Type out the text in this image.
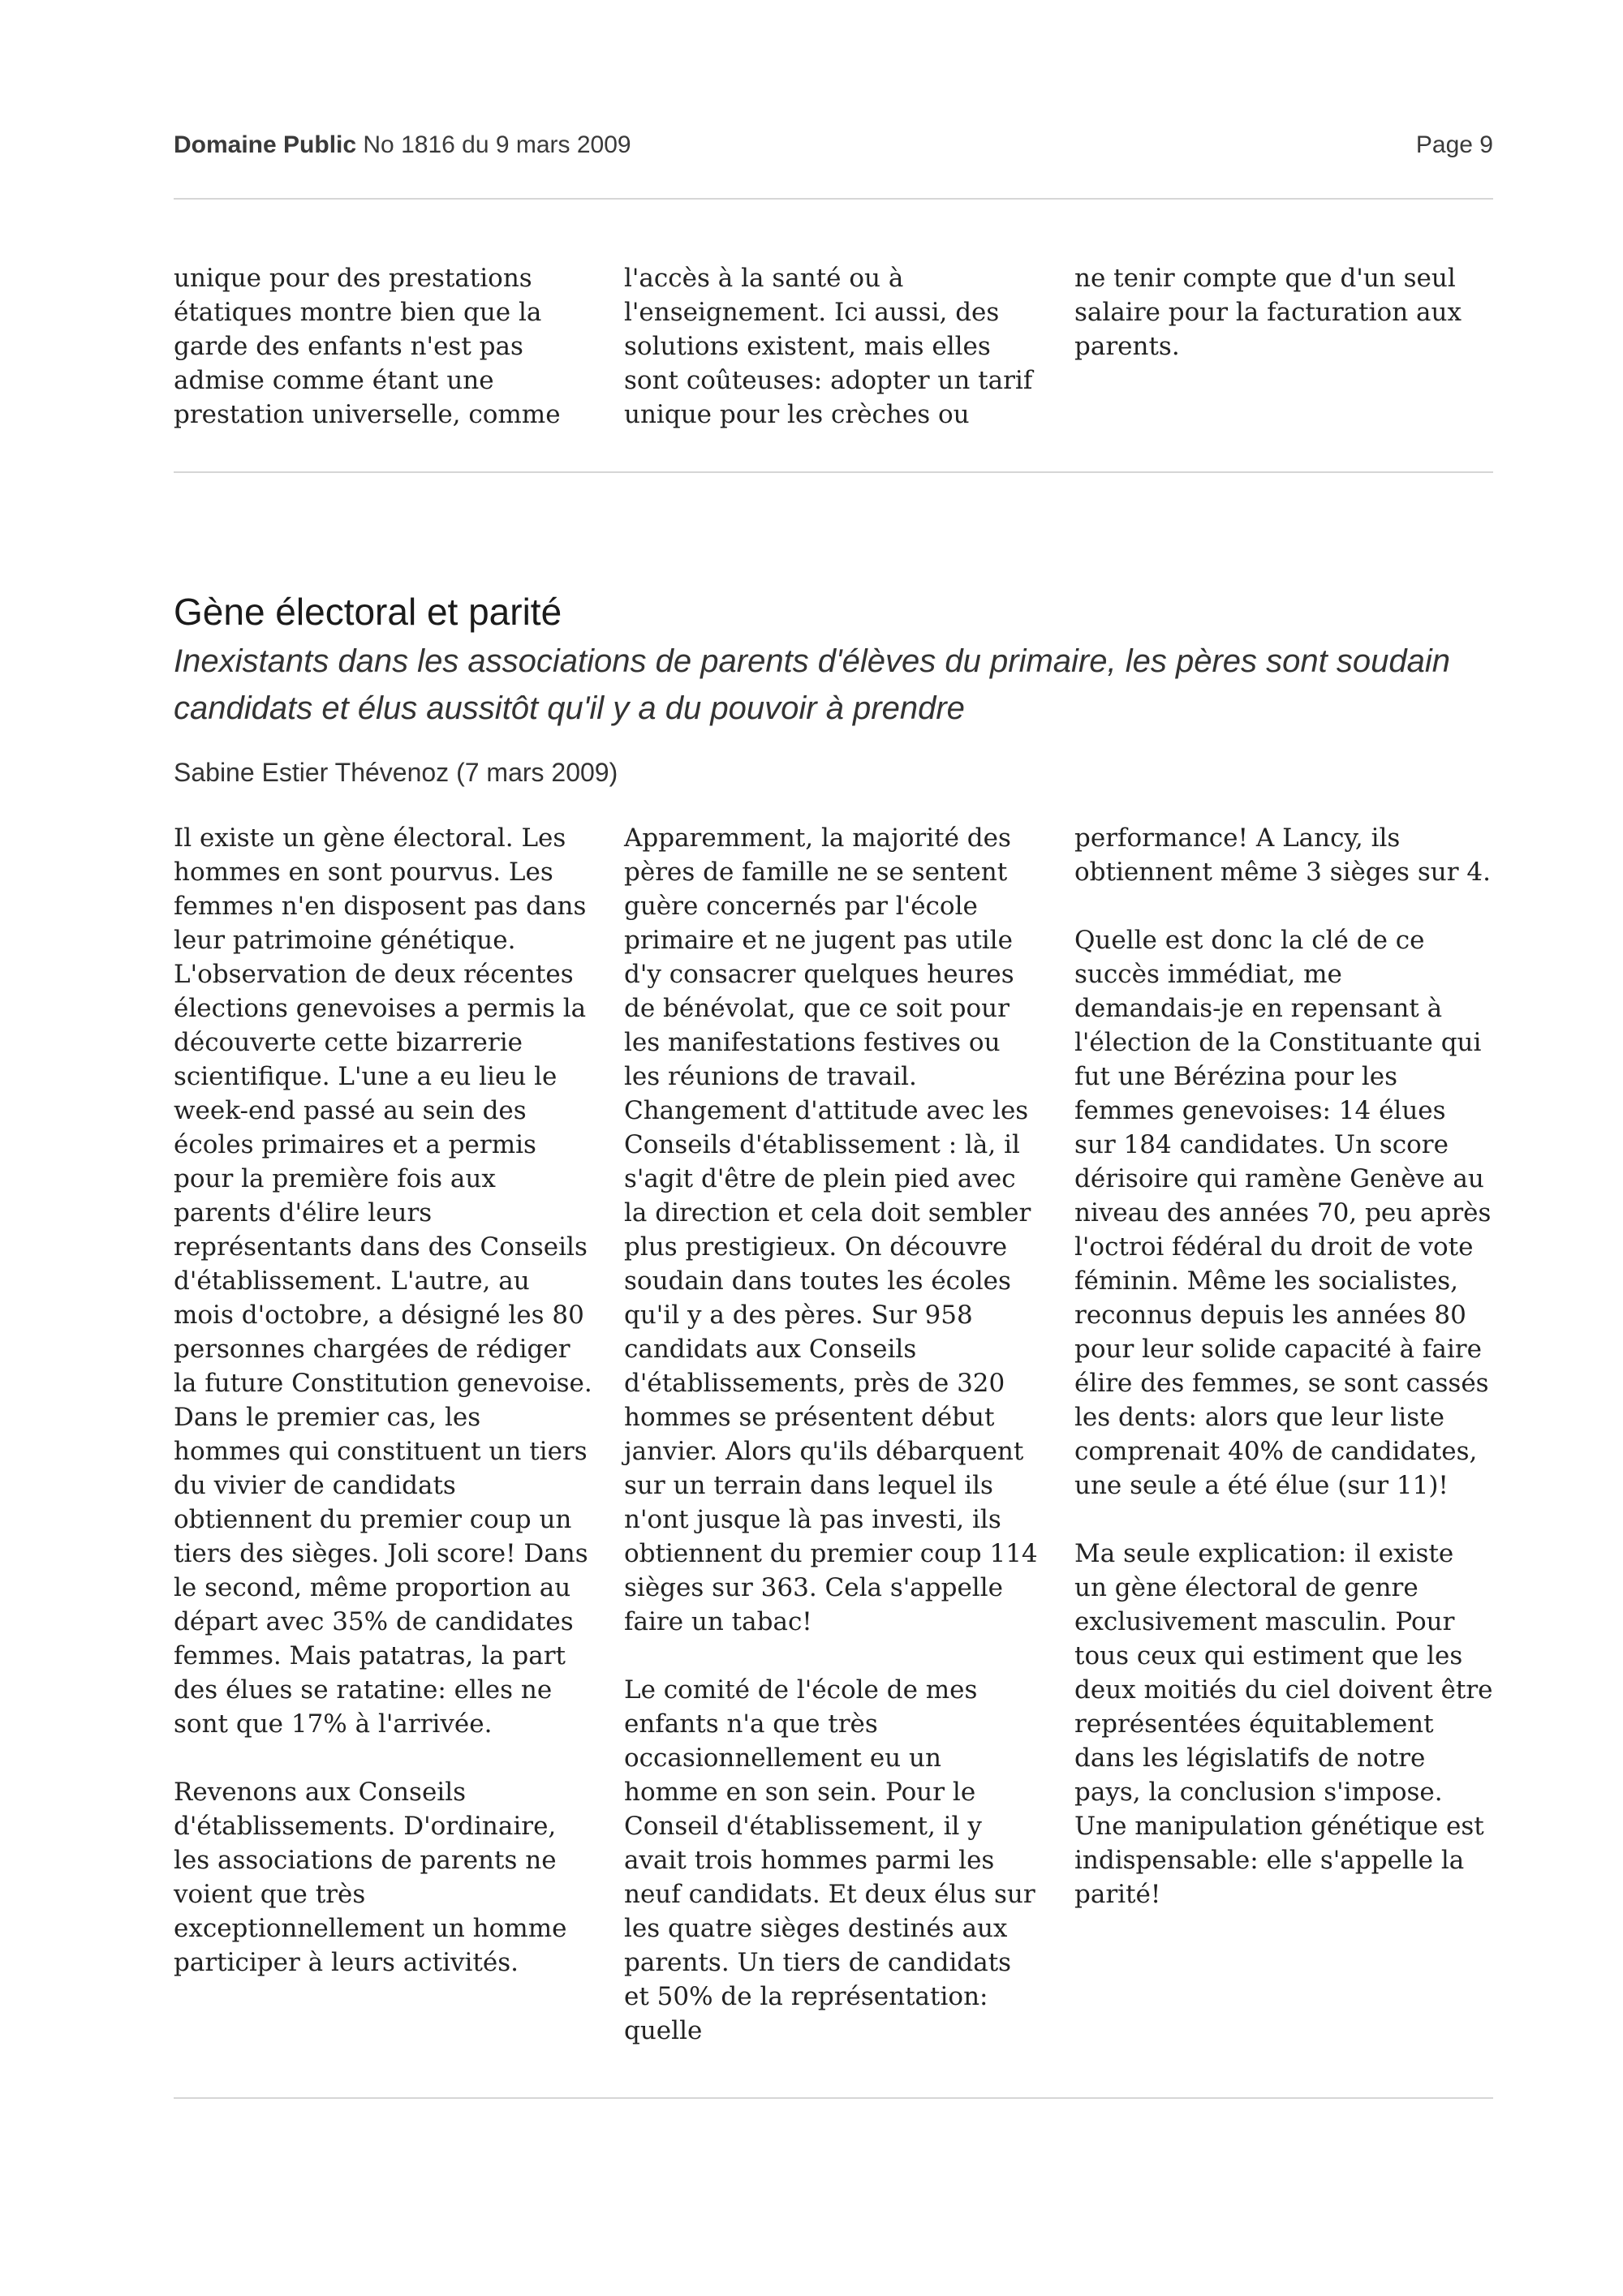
Domaine Public No 1816 du 9 mars 2009	Page 9

unique pour des prestations étatiques montre bien que la garde des enfants n'est pas admise comme étant une prestation universelle, comme

l'accès à la santé ou à l'enseignement. Ici aussi, des solutions existent, mais elles sont coûteuses: adopter un tarif unique pour les crèches ou

ne tenir compte que d'un seul salaire pour la facturation aux parents.

Gène électoral et parité

Inexistants dans les associations de parents d'élèves du primaire, les pères sont soudain candidats et élus aussitôt qu'il y a du pouvoir à prendre

Sabine Estier Thévenoz (7 mars 2009)

Il existe un gène électoral. Les hommes en sont pourvus. Les femmes n'en disposent pas dans leur patrimoine génétique. L'observation de deux récentes élections genevoises a permis la découverte cette bizarrerie scientifique. L'une a eu lieu le week-end passé au sein des écoles primaires et a permis pour la première fois aux parents d'élire leurs représentants dans des Conseils d'établissement. L'autre, au mois d'octobre, a désigné les 80 personnes chargées de rédiger la future Constitution genevoise. Dans le premier cas, les hommes qui constituent un tiers du vivier de candidats obtiennent du premier coup un tiers des sièges. Joli score! Dans le second, même proportion au départ avec 35% de candidates femmes. Mais patatras, la part des élues se ratatine: elles ne sont que 17% à l'arrivée.

Revenons aux Conseils d'établissements. D'ordinaire, les associations de parents ne voient que très exceptionnellement un homme participer à leurs activités.

Apparemment, la majorité des pères de famille ne se sentent guère concernés par l'école primaire et ne jugent pas utile d'y consacrer quelques heures de bénévolat, que ce soit pour les manifestations festives ou les réunions de travail. Changement d'attitude avec les Conseils d'établissement : là, il s'agit d'être de plein pied avec la direction et cela doit sembler plus prestigieux. On découvre soudain dans toutes les écoles qu'il y a des pères. Sur 958 candidats aux Conseils d'établissements, près de 320 hommes se présentent début janvier. Alors qu'ils débarquent sur un terrain dans lequel ils n'ont jusque là pas investi, ils obtiennent du premier coup 114 sièges sur 363. Cela s'appelle faire un tabac!

Le comité de l'école de mes enfants n'a que très occasionnellement eu un homme en son sein. Pour le Conseil d'établissement, il y avait trois hommes parmi les neuf candidats. Et deux élus sur les quatre sièges destinés aux parents. Un tiers de candidats et 50% de la représentation: quelle

performance! A Lancy, ils obtiennent même 3 sièges sur 4.

Quelle est donc la clé de ce succès immédiat, me demandais-je en repensant à l'élection de la Constituante qui fut une Bérézina pour les femmes genevoises: 14 élues sur 184 candidates. Un score dérisoire qui ramène Genève au niveau des années 70, peu après l'octroi fédéral du droit de vote féminin. Même les socialistes, reconnus depuis les années 80 pour leur solide capacité à faire élire des femmes, se sont cassés les dents: alors que leur liste comprenait 40% de candidates, une seule a été élue (sur 11)!

Ma seule explication: il existe un gène électoral de genre exclusivement masculin. Pour tous ceux qui estiment que les deux moitiés du ciel doivent être représentées équitablement dans les législatifs de notre pays, la conclusion s'impose. Une manipulation génétique est indispensable: elle s'appelle la parité!
